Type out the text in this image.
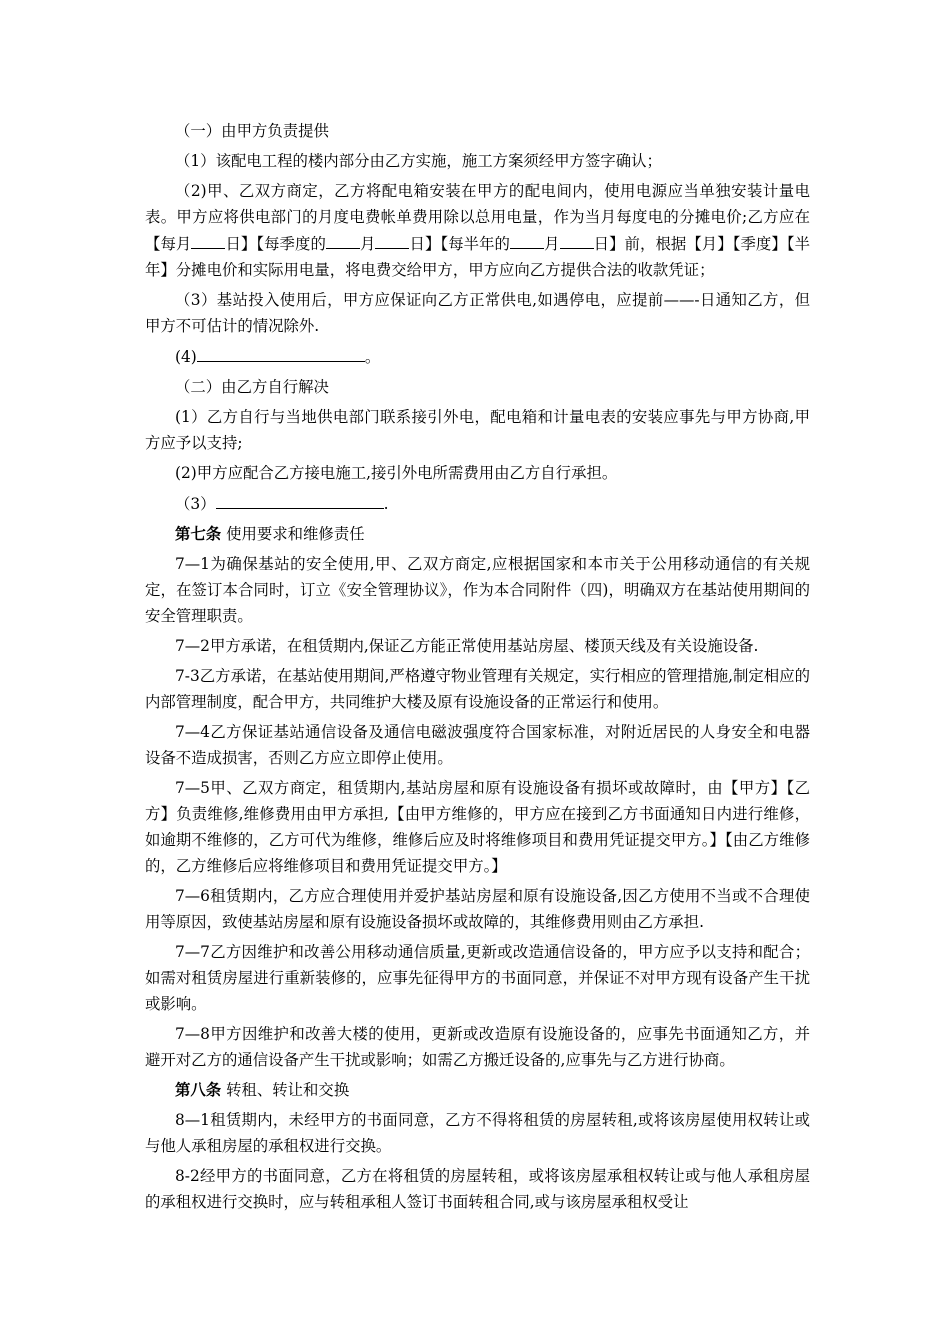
（一）由甲方负责提供

（1）该配电工程的楼内部分由乙方实施，施工方案须经甲方签字确认；

（2)甲、乙双方商定，乙方将配电箱安装在甲方的配电间内，使用电源应当单独安装计量电表。甲方应将供电部门的月度电费帐单费用除以总用电量，作为当月每度电的分摊电价;乙方应在【每月 日】【每季度的 月 日】【每半年的 月 日】前，根据【月】【季度】【半年】分摊电价和实际用电量，将电费交给甲方，甲方应向乙方提供合法的收款凭证；

（3）基站投入使用后，甲方应保证向乙方正常供电,如遇停电，应提前——-日通知乙方，但甲方不可估计的情况除外.

(4)	。

（二）由乙方自行解决

(1）乙方自行与当地供电部门联系接引外电，配电箱和计量电表的安装应事先与甲方协商,甲方应予以支持;

(2)甲方应配合乙方接电施工,接引外电所需费用由乙方自行承担。

（3）	.

第七条 使用要求和维修责任

7—1为确保基站的安全使用,甲、乙双方商定,应根据国家和本市关于公用移动通信的有关规定，在签订本合同时，订立《安全管理协议》，作为本合同附件（四)，明确双方在基站使用期间的安全管理职责。

7—2甲方承诺，在租赁期内,保证乙方能正常使用基站房屋、楼顶天线及有关设施设备.

7-3乙方承诺，在基站使用期间,严格遵守物业管理有关规定，实行相应的管理措施,制定相应的内部管理制度，配合甲方，共同维护大楼及原有设施设备的正常运行和使用。

7—4乙方保证基站通信设备及通信电磁波强度符合国家标准，对附近居民的人身安全和电器设备不造成损害，否则乙方应立即停止使用。

7—5甲、乙双方商定，租赁期内,基站房屋和原有设施设备有损坏或故障时，由【甲方】【乙方】负责维修,维修费用由甲方承担,【由甲方维修的，甲方应在接到乙方书面通知日内进行维修，如逾期不维修的，乙方可代为维修，维修后应及时将维修项目和费用凭证提交甲方。】【由乙方维修的，乙方维修后应将维修项目和费用凭证提交甲方。】

7—6租赁期内，乙方应合理使用并爱护基站房屋和原有设施设备,因乙方使用不当或不合理使用等原因，致使基站房屋和原有设施设备损坏或故障的，其维修费用则由乙方承担.

7—7乙方因维护和改善公用移动通信质量,更新或改造通信设备的，甲方应予以支持和配合；如需对租赁房屋进行重新装修的，应事先征得甲方的书面同意，并保证不对甲方现有设备产生干扰或影响。

7—8甲方因维护和改善大楼的使用，更新或改造原有设施设备的，应事先书面通知乙方，并避开对乙方的通信设备产生干扰或影响；如需乙方搬迁设备的,应事先与乙方进行协商。

第八条 转租、转让和交换

8—1租赁期内，未经甲方的书面同意，乙方不得将租赁的房屋转租,或将该房屋使用权转让或与他人承租房屋的承租权进行交换。

8-2经甲方的书面同意，乙方在将租赁的房屋转租，或将该房屋承租权转让或与他人承租房屋的承租权进行交换时，应与转租承租人签订书面转租合同,或与该房屋承租权受让
